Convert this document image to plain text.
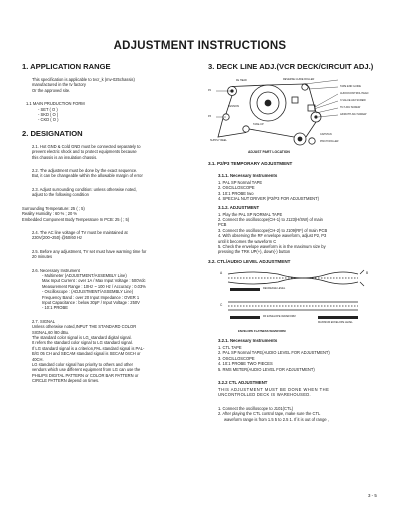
ADJUSTMENT INSTRUCTIONS
1. APPLICATION RANGE
This specification is applicable to tvcr_k (mv-025chassis)
manufactured in the tv factory
Or the approved site.
1.1 MAIN PRUDUCTION FORM
- SET ( O )
- SKD ( O )
- CKD ( O )
2. DESIGNATION
2.1. Hot GND & Cold GND must be connected separately to
prevent electric shock and to protect equipments because
this chassis is an insulation chassis.
2.2. The adjustment must be done by the exact sequence.
But, it can be changeable within the allowable margin of error
2.3. Adjust surrounding condition: unless otherwise noted,
adjust to the following condition
Surrounding Temperature: 25 ( ; 5)
Reality Humidity : 60 % ; 20 %
Embedded Component Body Temperature In PCB: 25 ( ; 5)
2.4. The AC line voltage of TV must be maintained at
230V(200~250) @50/60 Hz
2.5. Before any adjustment, TV set must have warming time for
20 minutes
2.6. Necessary Instrument
- Multimeter (ADJUSTMENT/ASSEMBLY Line)
Max Input Current : over 1A / Max Input Voltage : 500Vdc
Measurement Range : 10Hz ~ 100 Hz / Accuracy : 0.03%
- Oscilloscope : (ADJUSTMENT/ASSEMBLY Line)
Frequency Band : over 20 Input Impedance : OVER 1
Input Capacitance : below 30pF / Input Voltage : 250V
- 10:1 PROBE
2.7. SIGNAL
Unless otherwise noted,INPUT THE STANDARD COLOR
SIGNAL,60 /80 dBu.
The standard color signal is LG_standard digital signal.
It refers the standard color signal to LG standard signal.
If LG standard signal is a criterion,PAL standard signal is PAL-
B/G 05 CH and SECAM standard signal is SECAM 04CH or
40CH.
LG standard color signal has priority to others and other
vendors which use different equipment from LG can use the
PHILIPS DIGITAL PATTERN or COLOR BAR PATTERN or
CIRCLE PATTERN depend on times.
3. DECK LINE ADJ.(VCR DECK/CIRCUIT ADJ.)
REVERSE GUIDE ROLLER
TAPE END GUIDE
AUDIO/CONTROL HEAD
X-VALUE ADJ SCREW
TILT ADJ SCREW
AZIMUTH ADJ SCREW
P2
P3
FE HEAD
TENSION
TAKE-UP
SUPPLY REEL
CAPSTAN
PINCH ROLLER
ADJUST PART LOCATION
3.1. P2/P3 TEMPORARY ADJUSTMENT
3.1.1. Necessary Instruments
1. PAL SP Normal TAPE
2. OSCILLOSCOPE
3. 10:1 PROBE two
4. SPECIAL NUT DRIVER (P2/P3 FOR ADJUSTMENT)
3.1.2. ADJUSTMENT
1. Play the PAL SP NORMAL TAPE
2. Connect the oscilloscope(CH-1) to J123(H/SW) of main
PCB
3. Connect the oscilloscope(CH-2) to J109(RF) of main PCB
4. With observing the RF envelope waveform, adjust P2, P3
until it becomes the waveform C
5. Check the envelope waveform is in the maximum size by
pressing the TRK UP(+), down(-) button
3.2. CTL/AUDIO LEVEL ADJUSTMENT
A	B
C
DECREASE LEVEL
RF ENVELOPE WAVEFORM
MAXIMUM ENVELOPE LEVEL
ENVELOPE FLATNESS WAVEFORM
3.2.1. Necessary Instruments
1. CTL TAPE
2. PAL SP Normal TAPE(AUDIO LEVEL FOR ADJUSTMENT)
3. OSCILLOSCOPE
4. 10:1 PROBE TWO PIECES
5. RMS METER(AUDIO LEVEL FOR ADJUSTMENT)
3.2.2 CTL ADJUSTMENT
THIS ADJUSTMENT MUST BE DONE WHEN THE
UNCONTROLLED DECK IS WAREHOUSED.
1. Connect the oscilloscope to J101(CTL)
2. After playing the CTL control tape, make sure the CTL
waveform range is from 1.5 5 to 2.5 1. If it is out of range ,
3 - 5
